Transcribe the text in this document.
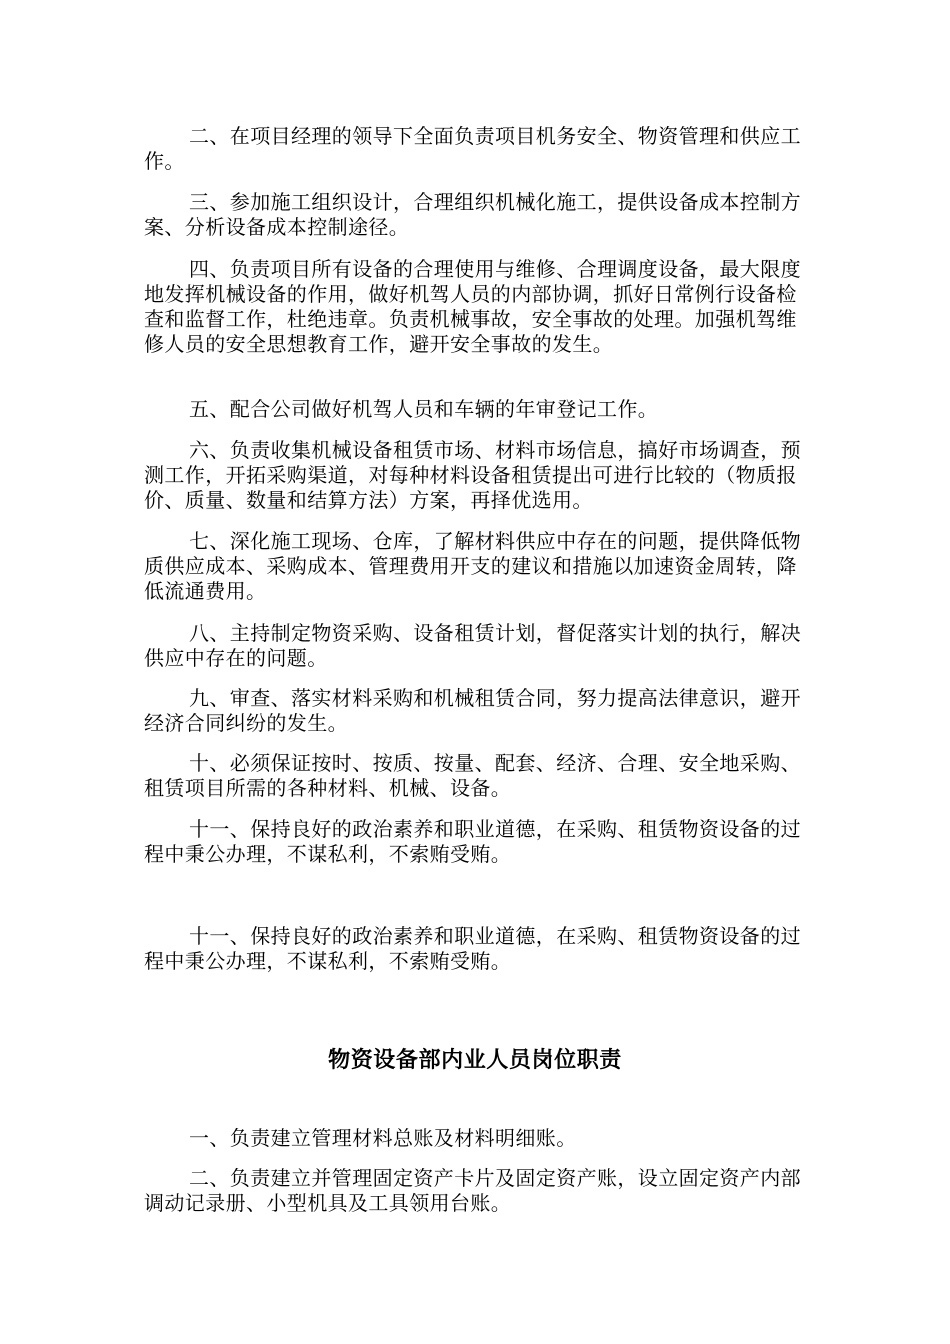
二、在项目经理的领导下全面负责项目机务安全、物资管理和供应工作。

三、参加施工组织设计，合理组织机械化施工，提供设备成本控制方案、分析设备成本控制途径。

四、负责项目所有设备的合理使用与维修、合理调度设备，最大限度地发挥机械设备的作用，做好机驾人员的内部协调，抓好日常例行设备检查和监督工作，杜绝违章。负责机械事故，安全事故的处理。加强机驾维修人员的安全思想教育工作，避开安全事故的发生。

五、配合公司做好机驾人员和车辆的年审登记工作。

六、负责收集机械设备租赁市场、材料市场信息，搞好市场调查，预测工作，开拓采购渠道，对每种材料设备租赁提出可进行比较的（物质报价、质量、数量和结算方法）方案，再择优选用。

七、深化施工现场、仓库，了解材料供应中存在的问题，提供降低物质供应成本、采购成本、管理费用开支的建议和措施以加速资金周转，降低流通费用。

八、主持制定物资采购、设备租赁计划，督促落实计划的执行，解决供应中存在的问题。

九、审查、落实材料采购和机械租赁合同，努力提高法律意识，避开经济合同纠纷的发生。

十、必须保证按时、按质、按量、配套、经济、合理、安全地采购、租赁项目所需的各种材料、机械、设备。

十一、保持良好的政治素养和职业道德，在采购、租赁物资设备的过程中秉公办理，不谋私利，不索贿受贿。

十一、保持良好的政治素养和职业道德，在采购、租赁物资设备的过程中秉公办理，不谋私利，不索贿受贿。

物资设备部内业人员岗位职责

一、负责建立管理材料总账及材料明细账。

二、负责建立并管理固定资产卡片及固定资产账，设立固定资产内部调动记录册、小型机具及工具领用台账。
